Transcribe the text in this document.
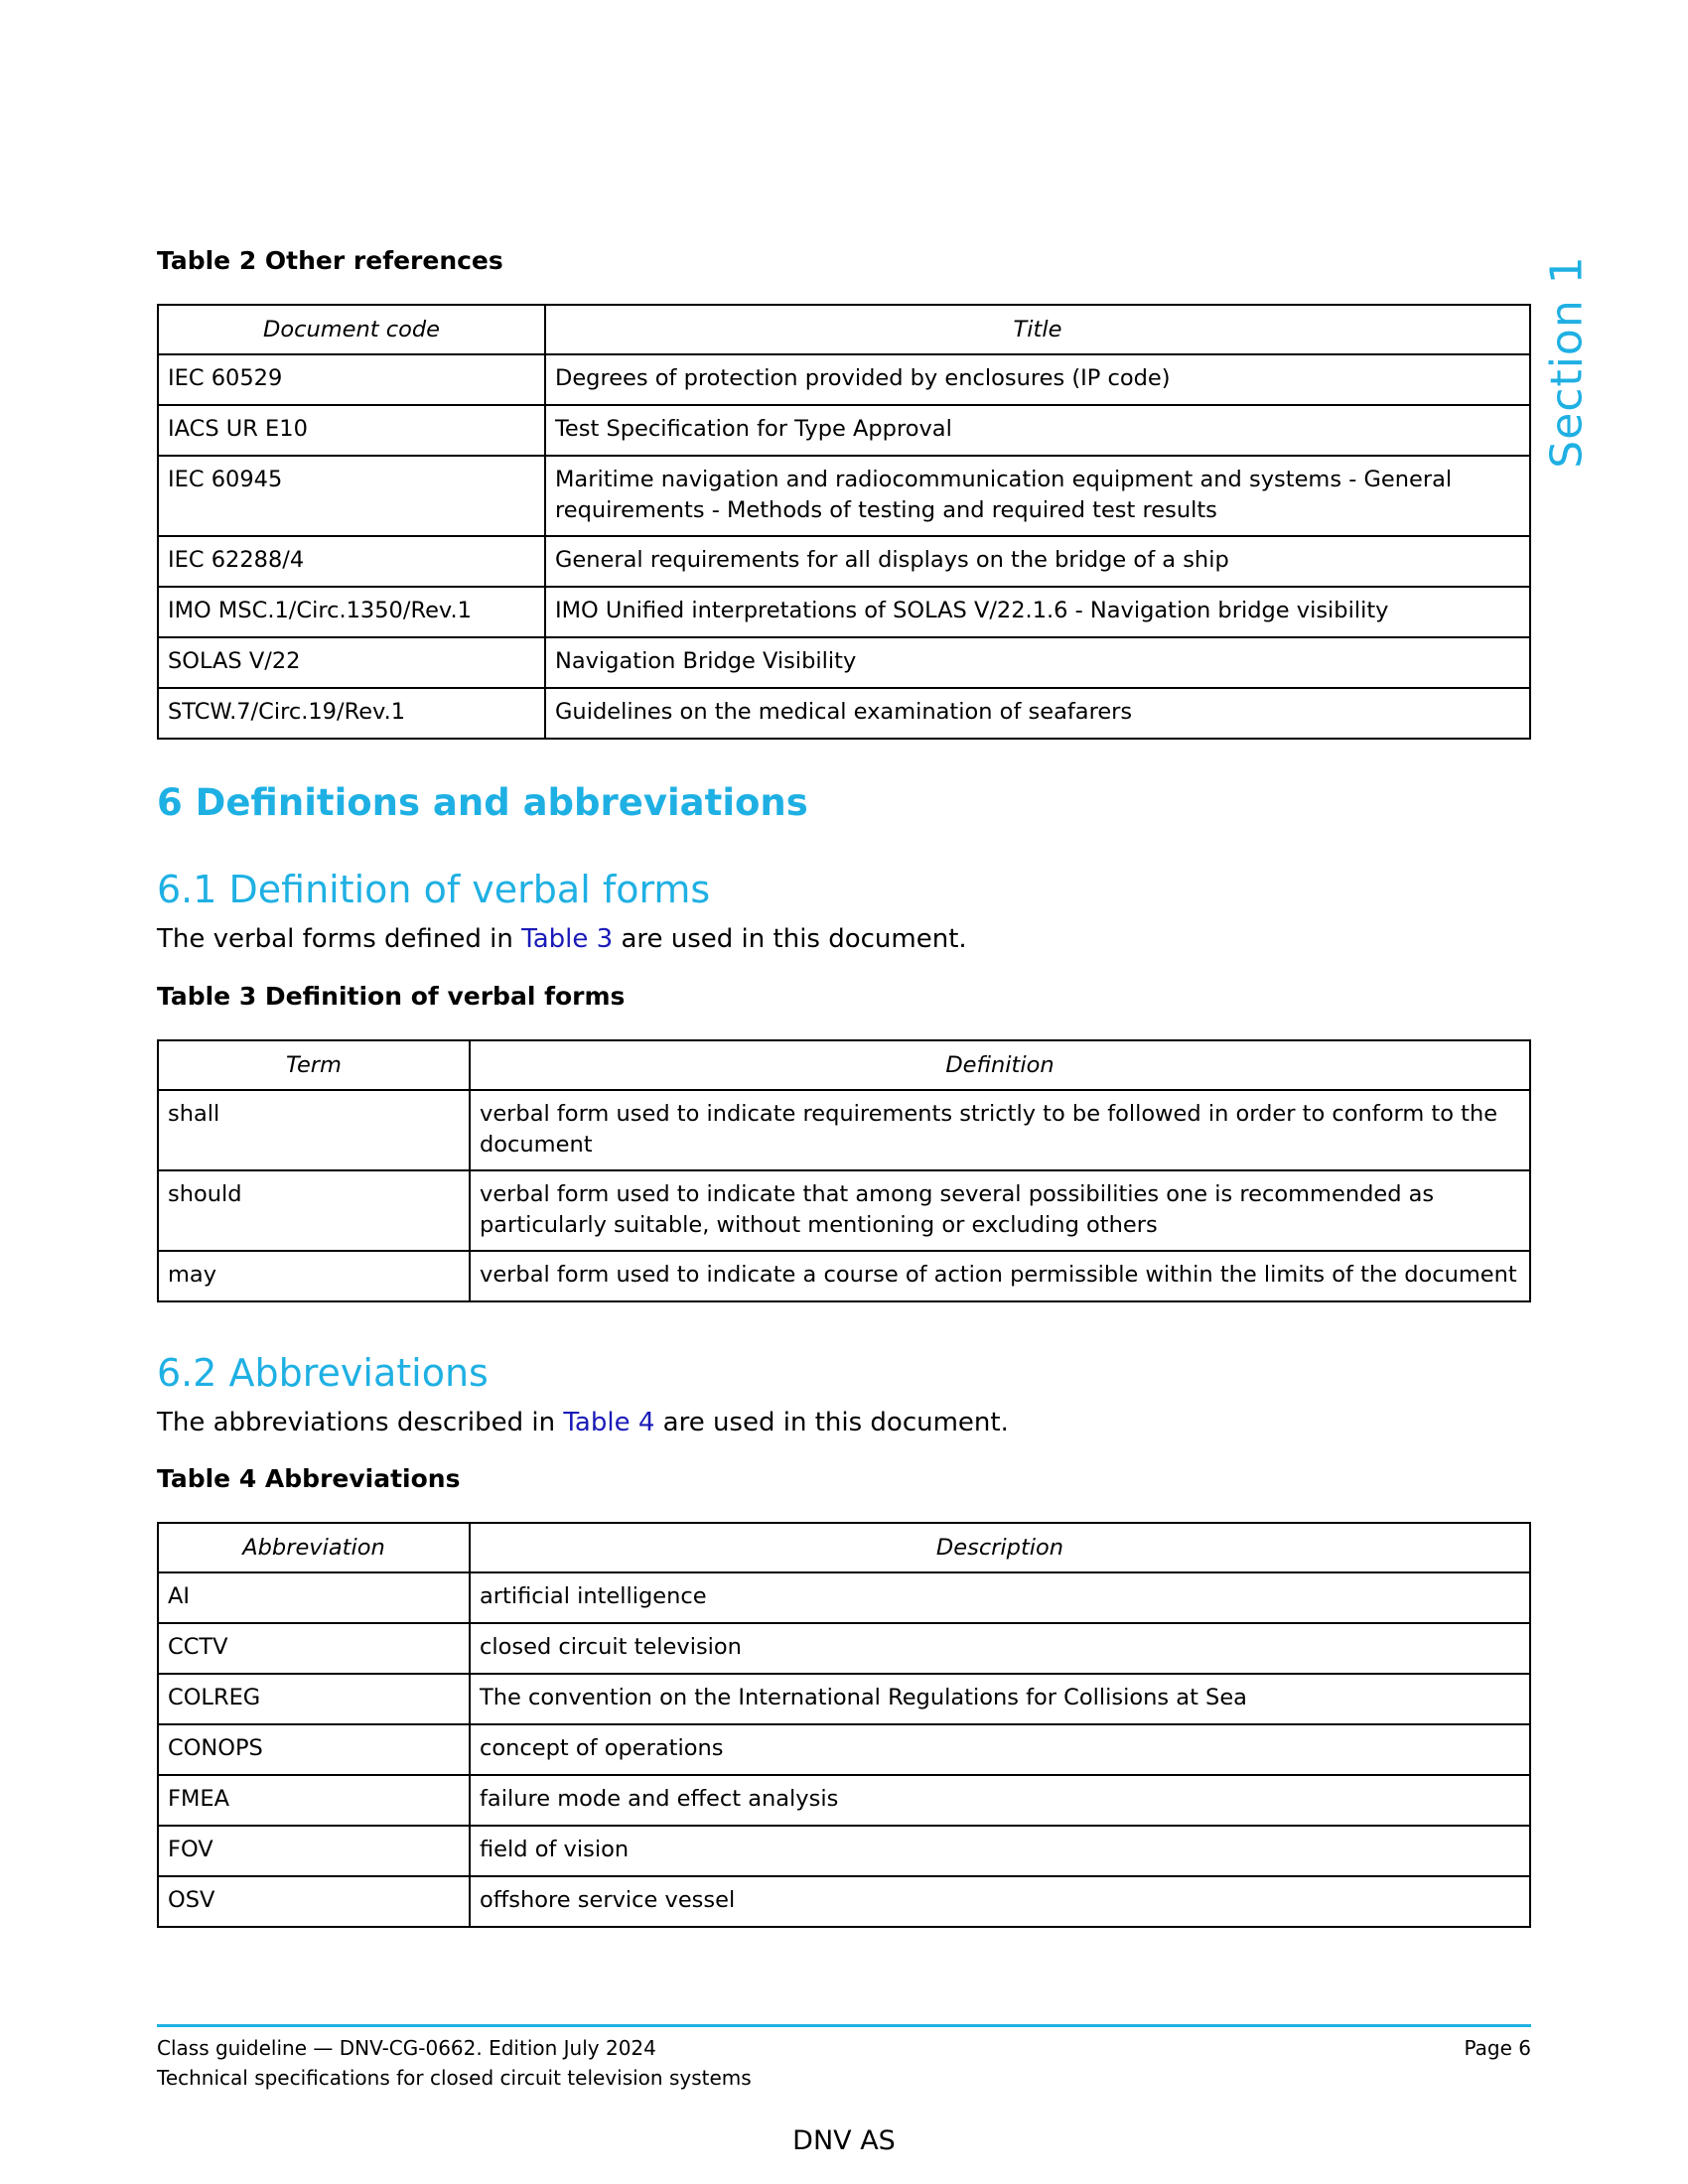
Section 1

Table 2 Other references

Document code	Title
IEC 60529	Degrees of protection provided by enclosures (IP code)
IACS UR E10	Test Specification for Type Approval
IEC 60945	Maritime navigation and radiocommunication equipment and systems - General requirements - Methods of testing and required test results
IEC 62288/4	General requirements for all displays on the bridge of a ship
IMO MSC.1/Circ.1350/Rev.1	IMO Unified interpretations of SOLAS V/22.1.6 - Navigation bridge visibility
SOLAS V/22	Navigation Bridge Visibility
STCW.7/Circ.19/Rev.1	Guidelines on the medical examination of seafarers
6 Definitions and abbreviations
6.1 Definition of verbal forms

The verbal forms defined in Table 3 are used in this document.

Table 3 Definition of verbal forms

Term	Definition
shall	verbal form used to indicate requirements strictly to be followed in order to conform to the document
should	verbal form used to indicate that among several possibilities one is recommended as particularly suitable, without mentioning or excluding others
may	verbal form used to indicate a course of action permissible within the limits of the document
6.2 Abbreviations

The abbreviations described in Table 4 are used in this document.

Table 4 Abbreviations

Abbreviation	Description
AI	artificial intelligence
CCTV	closed circuit television
COLREG	The convention on the International Regulations for Collisions at Sea
CONOPS	concept of operations
FMEA	failure mode and effect analysis
FOV	field of vision
OSV	offshore service vessel
Class guideline — DNV-CG-0662. Edition July 2024
Technical specifications for closed circuit television systems
Page 6
DNV AS
